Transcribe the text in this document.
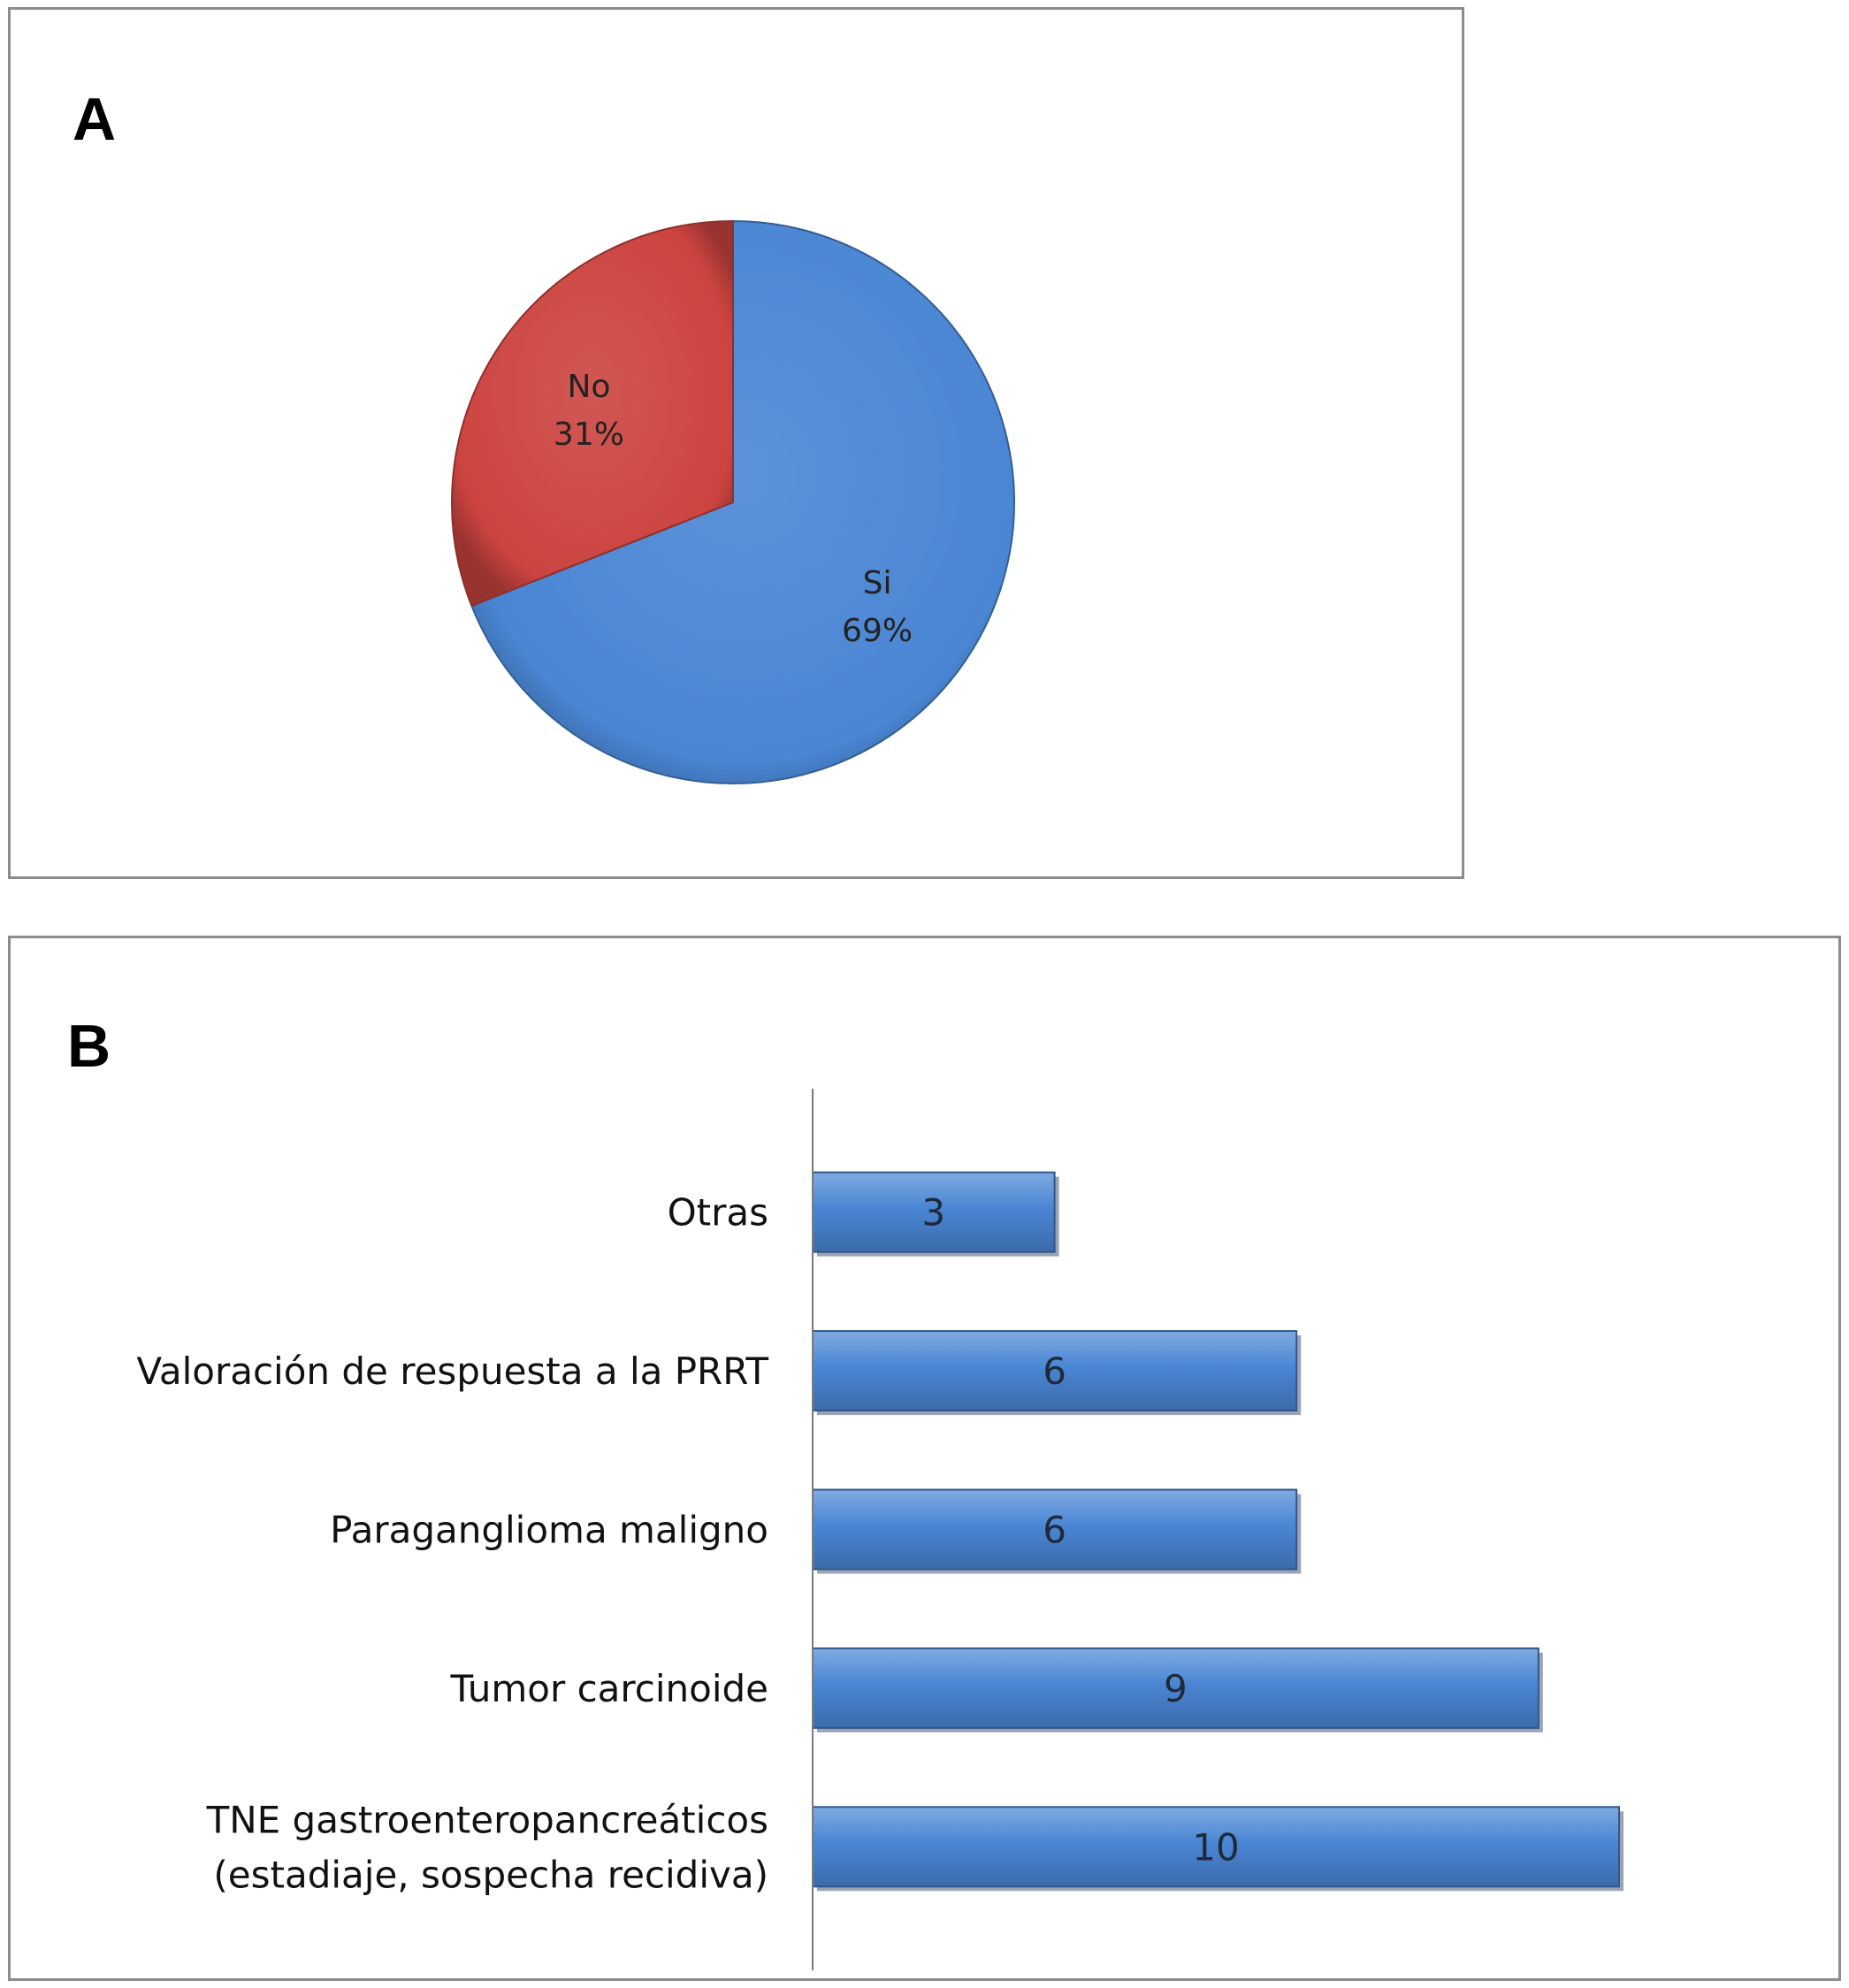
A
Si
69%
No
31%
B
10
TNE gastroenteropancreáticos (estadiaje, sospecha recidiva)
9
Tumor carcinoide
6
Paraganglioma maligno
6
Valoración de respuesta a la PRRT
3
Otras
